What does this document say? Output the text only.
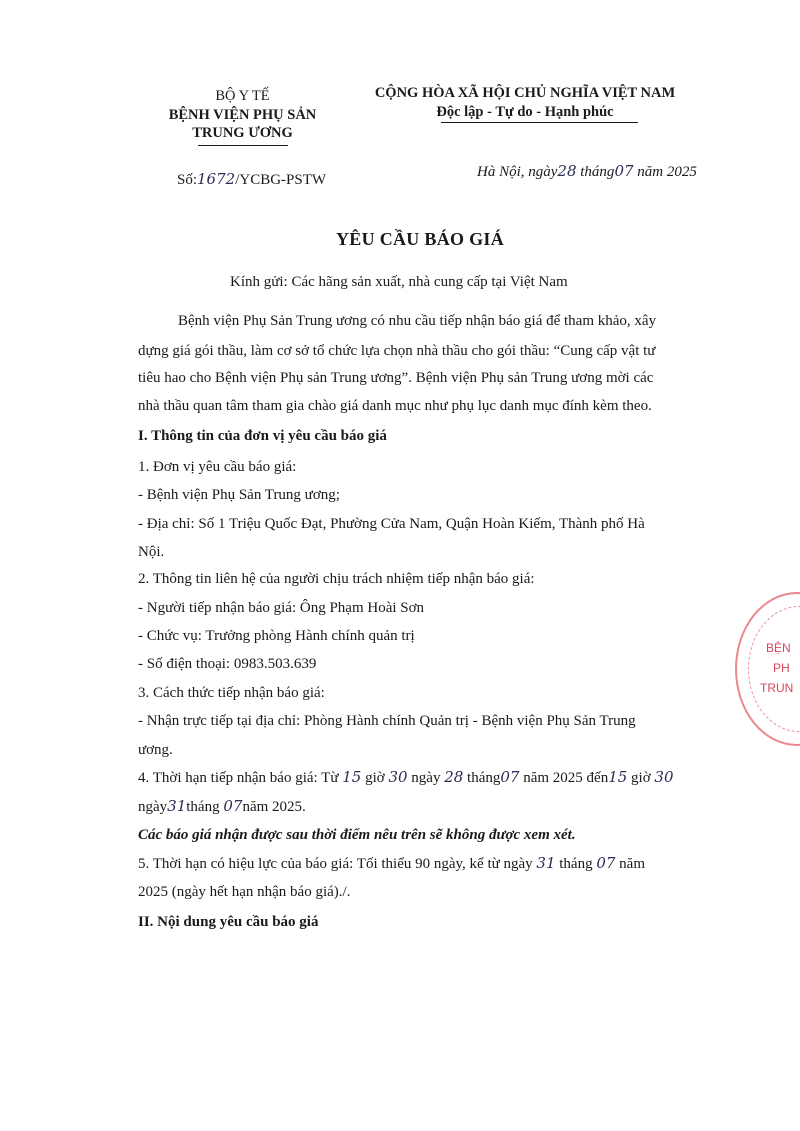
BỘ Y TẾ
BỆNH VIỆN PHỤ SẢN
TRUNG ƯƠNG
CỘNG HÒA XÃ HỘI CHỦ NGHĨA VIỆT NAM
Độc lập - Tự do - Hạnh phúc
Số:1672/YCBG-PSTW	Hà Nội, ngày28 tháng07 năm 2025
YÊU CẦU BÁO GIÁ
Kính gửi: Các hãng sản xuất, nhà cung cấp tại Việt Nam
Bệnh viện Phụ Sản Trung ương có nhu cầu tiếp nhận báo giá để tham khảo, xây
dựng giá gói thầu, làm cơ sở tổ chức lựa chọn nhà thầu cho gói thầu: “Cung cấp vật tư
tiêu hao cho Bệnh viện Phụ sản Trung ương”. Bệnh viện Phụ sản Trung ương mời các
nhà thầu quan tâm tham gia chào giá danh mục như phụ lục danh mục đính kèm theo.
I. Thông tin của đơn vị yêu cầu báo giá
1. Đơn vị yêu cầu báo giá:
- Bệnh viện Phụ Sản Trung ương;
- Địa chỉ: Số 1 Triệu Quốc Đạt, Phường Cửa Nam, Quận Hoàn Kiếm, Thành phố Hà
Nội.
2. Thông tin liên hệ của người chịu trách nhiệm tiếp nhận báo giá:
- Người tiếp nhận báo giá: Ông Phạm Hoài Sơn
- Chức vụ: Trưởng phòng Hành chính quản trị
- Số điện thoại: 0983.503.639
3. Cách thức tiếp nhận báo giá:
- Nhận trực tiếp tại địa chỉ: Phòng Hành chính Quản trị - Bệnh viện Phụ Sản Trung
ương.
4. Thời hạn tiếp nhận báo giá: Từ 15 giờ 30 ngày 28 tháng07 năm 2025 đến15 giờ 30
ngày31tháng 07năm 2025.
Các báo giá nhận được sau thời điểm nêu trên sẽ không được xem xét.
5. Thời hạn có hiệu lực của báo giá: Tối thiểu 90 ngày, kể từ ngày 31 tháng 07 năm
2025 (ngày hết hạn nhận báo giá)./.
II. Nội dung yêu cầu báo giá
BỆN
PH
TRUN
